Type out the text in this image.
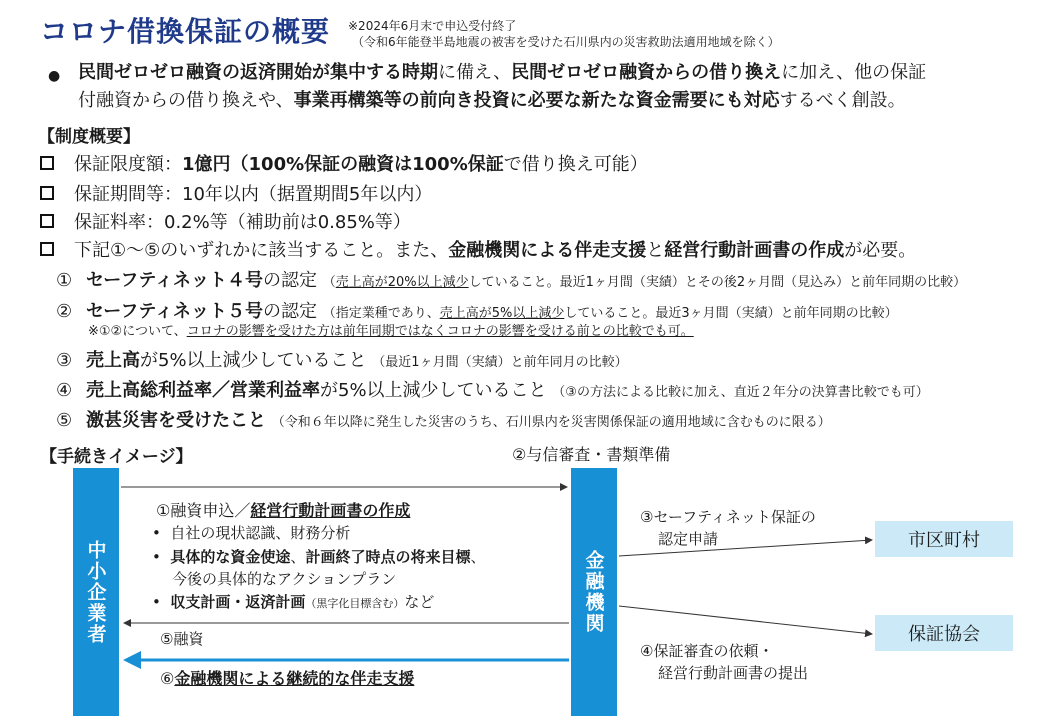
コロナ借換保証の概要 ※2024年6月末で申込受付終了
（令和6年能登半島地震の被害を受けた石川県内の災害救助法適用地域を除く）
● 民間ゼロゼロ融資の返済開始が集中する時期に備え、民間ゼロゼロ融資からの借り換えに加え、他の保証
付融資からの借り換えや、事業再構築等の前向き投資に必要な新たな資金需要にも対応するべく創設。
【制度概要】
保証限度額：1億円（100%保証の融資は100%保証で借り換え可能）
保証期間等：10年以内（据置期間5年以内）
保証料率：0.2%等（補助前は0.85%等）
下記①～⑤のいずれかに該当すること。また、金融機関による伴走支援と経営行動計画書の作成が必要。
① セーフティネット４号の認定 （売上高が20%以上減少していること。最近1ヶ月間（実績）とその後2ヶ月間（見込み）と前年同期の比較）
② セーフティネット５号の認定 （指定業種であり、売上高が5%以上減少していること。最近3ヶ月間（実績）と前年同期の比較）
※①②について、コロナの影響を受けた方は前年同期ではなくコロナの影響を受ける前との比較でも可。
③ 売上高が5%以上減少していること （最近1ヶ月間（実績）と前年同月の比較）
④ 売上高総利益率／営業利益率が5%以上減少していること （③の方法による比較に加え、直近２年分の決算書比較でも可）
⑤ 激甚災害を受けたこと （令和６年以降に発生した災害のうち、石川県内を災害関係保証の適用地域に含むものに限る）
【手続きイメージ】	②与信審査・書類準備
中小企業者	金融機関
①融資申込／経営行動計画書の作成
• 自社の現状認識、財務分析
• 具体的な資金使途、計画終了時点の将来目標、
今後の具体的なアクションプラン
• 収支計画・返済計画（黒字化目標含む）など
⑤融資
⑥金融機関による継続的な伴走支援
③セーフティネット保証の
認定申請
④保証審査の依頼・
経営行動計画書の提出
市区町村
保証協会
